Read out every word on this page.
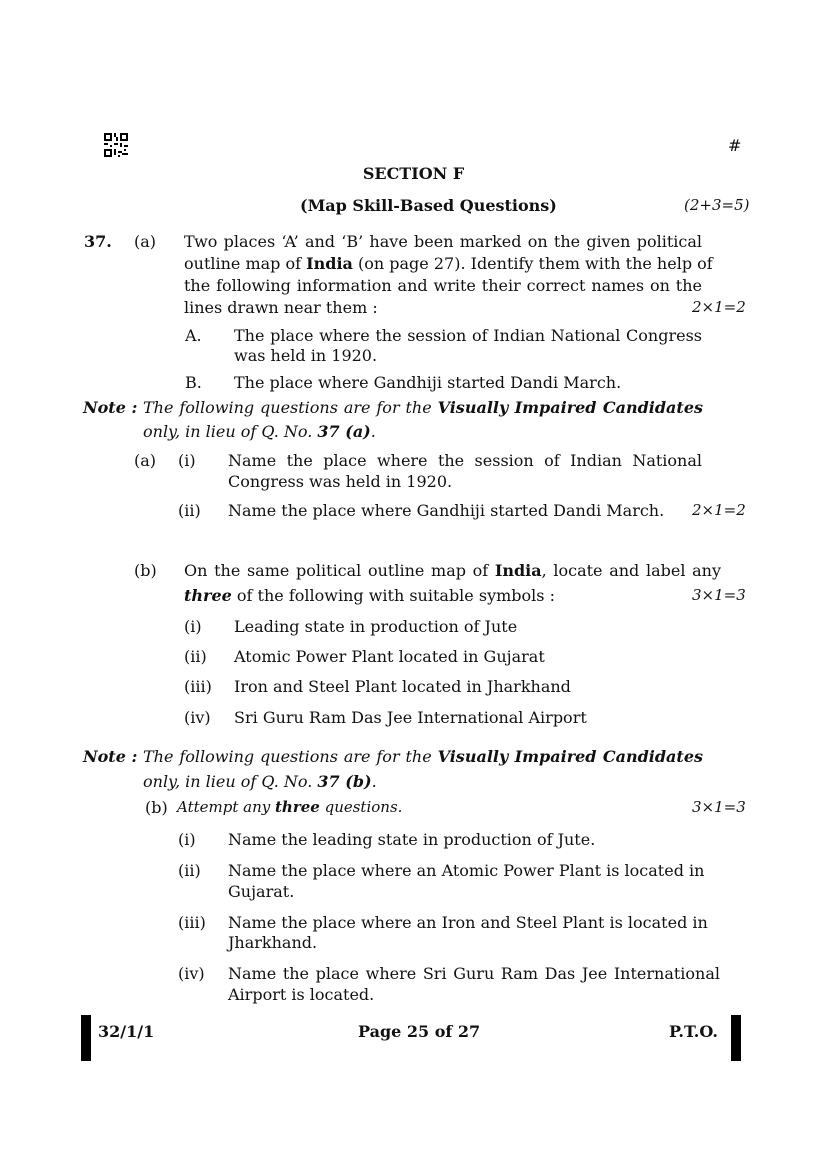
#
SECTION F
(Map Skill-Based Questions)	(2+3=5)
37. (a) Two places ‘A’ and ‘B’ have been marked on the given political
outline map of India (on page 27). Identify them with the help of
the following information and write their correct names on the
lines drawn near them :	2×1=2
A. The place where the session of Indian National Congress
was held in 1920.
B. The place where Gandhiji started Dandi March.
Note : The following questions are for the Visually Impaired Candidates
only, in lieu of Q. No. 37 (a).
(a) (i) Name the place where the session of Indian National
Congress was held in 1920.
(ii) Name the place where Gandhiji started Dandi March. 2×1=2
(b) On the same political outline map of India, locate and label any
three of the following with suitable symbols :	3×1=3
(i) Leading state in production of Jute
(ii) Atomic Power Plant located in Gujarat
(iii) Iron and Steel Plant located in Jharkhand
(iv) Sri Guru Ram Das Jee International Airport
Note : The following questions are for the Visually Impaired Candidates
only, in lieu of Q. No. 37 (b).
(b) Attempt any three questions.	3×1=3
(i) Name the leading state in production of Jute.
(ii) Name the place where an Atomic Power Plant is located in
Gujarat.
(iii) Name the place where an Iron and Steel Plant is located in
Jharkhand.
(iv) Name the place where Sri Guru Ram Das Jee International
Airport is located.
32/1/1	Page 25 of 27	P.T.O.
